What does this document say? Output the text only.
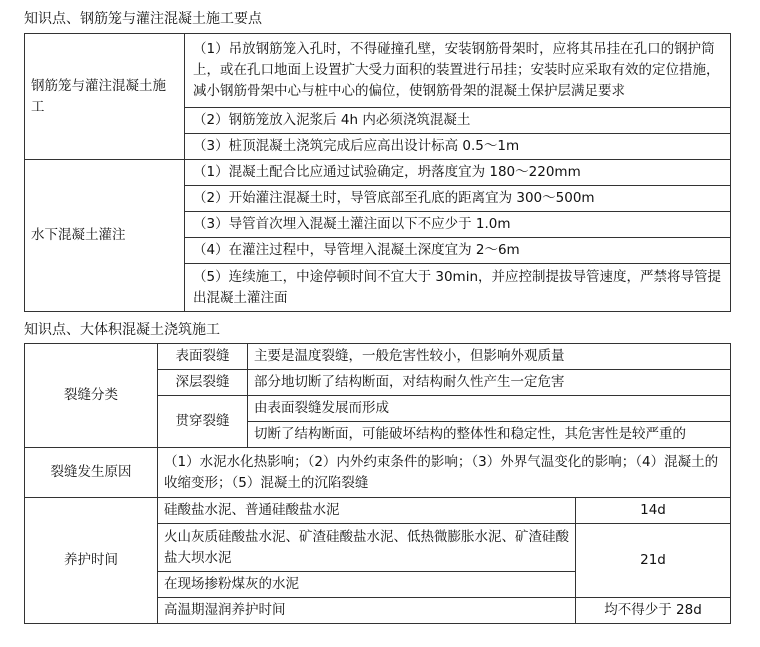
知识点、钢筋笼与灌注混凝土施工要点
钢筋笼与灌注混凝土施工	（1）吊放钢筋笼入孔时，不得碰撞孔壁，安装钢筋骨架时，应将其吊挂在孔口的钢护筒上，或在孔口地面上设置扩大受力面积的装置进行吊挂；安装时应采取有效的定位措施，减小钢筋骨架中心与桩中心的偏位，使钢筋骨架的混凝土保护层满足要求
	（2）钢筋笼放入泥浆后 4h 内必须浇筑混凝土
	（3）桩顶混凝土浇筑完成后应高出设计标高 0.5～1m
水下混凝土灌注	（1）混凝土配合比应通过试验确定，坍落度宜为 180～220mm
	（2）开始灌注混凝土时，导管底部至孔底的距离宜为 300～500m
	（3）导管首次埋入混凝土灌注面以下不应少于 1.0m
	（4）在灌注过程中，导管埋入混凝土深度宜为 2～6m
	（5）连续施工，中途停顿时间不宜大于 30min，并应控制提拔导管速度，严禁将导管提出混凝土灌注面
知识点、大体积混凝土浇筑施工
裂缝分类	表面裂缝	主要是温度裂缝，一般危害性较小，但影响外观质量	
	深层裂缝	部分地切断了结构断面，对结构耐久性产生一定危害	
	贯穿裂缝	由表面裂缝发展而形成	
		切断了结构断面，可能破坏结构的整体性和稳定性，其危害性是较严重的	
裂缝发生原因	（1）水泥水化热影响；（2）内外约束条件的影响；（3）外界气温变化的影响；（4）混凝土的收缩变形；（5）混凝土的沉陷裂缝		
养护时间	硅酸盐水泥、普通硅酸盐水泥		14d
	火山灰质硅酸盐水泥、矿渣硅酸盐水泥、低热微膨胀水泥、矿渣硅酸盐大坝水泥		21d
	在现场掺粉煤灰的水泥		
	高温期湿润养护时间		均不得少于 28d
